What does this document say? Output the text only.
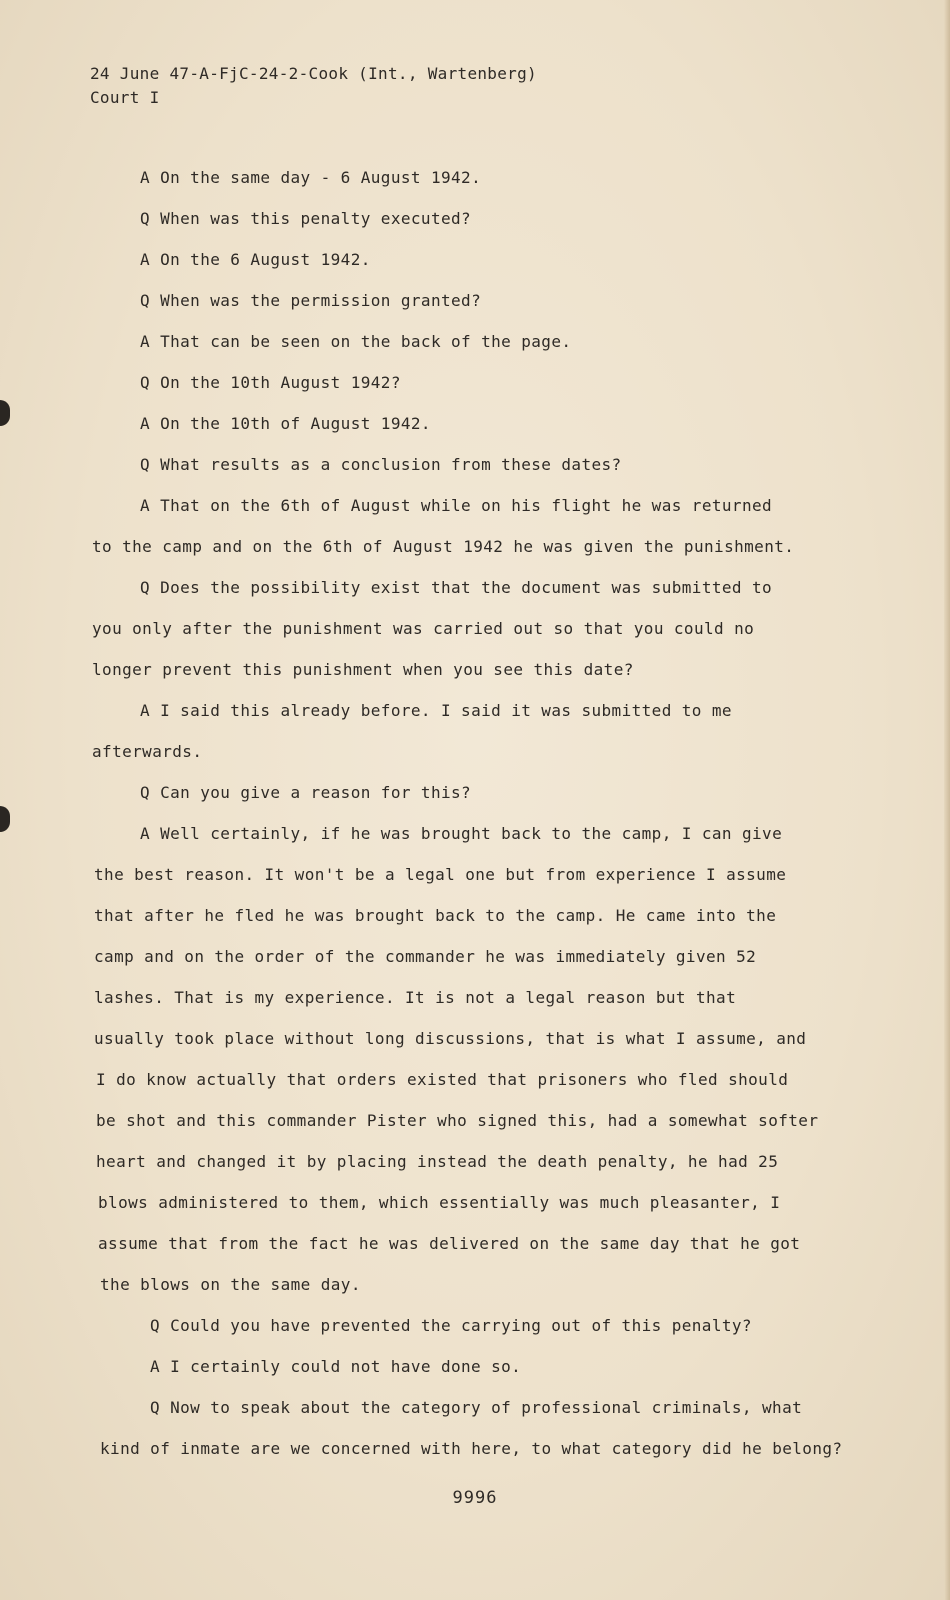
24 June 47-A-FjC-24-2-Cook (Int., Wartenberg)
Court I
A On the same day - 6 August 1942.
Q When was this penalty executed?
A On the 6 August 1942.
Q When was the permission granted?
A That can be seen on the back of the page.
Q On the 10th August 1942?
A On the 10th of August 1942.
Q What results as a conclusion from these dates?
A That on the 6th of August while on his flight he was returned
to the camp and on the 6th of August 1942 he was given the punishment.
Q Does the possibility exist that the document was submitted to
you only after the punishment was carried out so that you could no
longer prevent this punishment when you see this date?
A I said this already before. I said it was submitted to me
afterwards.
Q Can you give a reason for this?
A Well certainly, if he was brought back to the camp, I can give
the best reason. It won't be a legal one but from experience I assume
that after he fled he was brought back to the camp. He came into the
camp and on the order of the commander he was immediately given 52
lashes. That is my experience. It is not a legal reason but that
usually took place without long discussions, that is what I assume, and
I do know actually that orders existed that prisoners who fled should
be shot and this commander Pister who signed this, had a somewhat softer
heart and changed it by placing instead the death penalty, he had 25
blows administered to them, which essentially was much pleasanter, I
assume that from the fact he was delivered on the same day that he got
the blows on the same day.
Q Could you have prevented the carrying out of this penalty?
A I certainly could not have done so.
Q Now to speak about the category of professional criminals, what
kind of inmate are we concerned with here, to what category did he belong?
9996
